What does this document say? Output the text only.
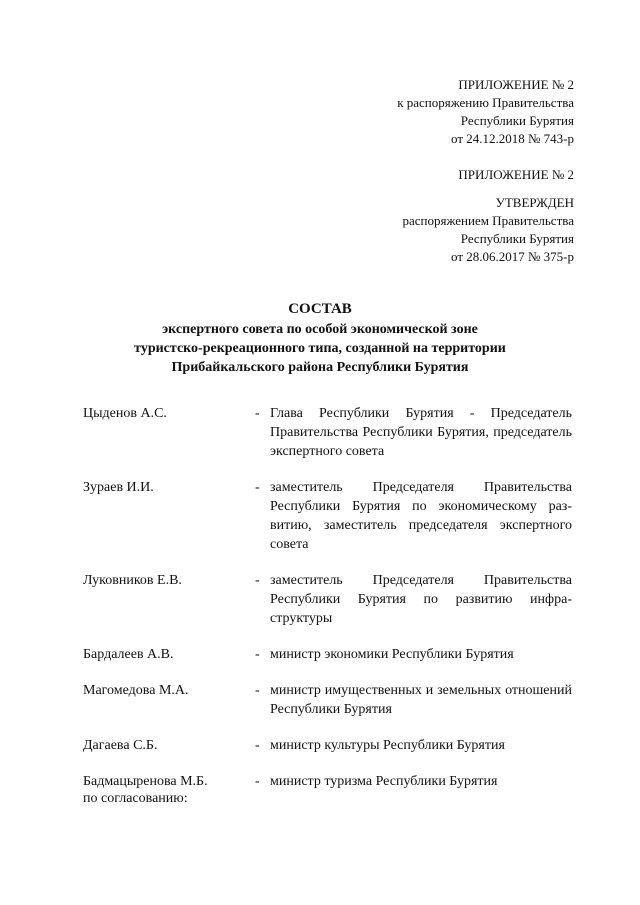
ПРИЛОЖЕНИЕ № 2
к распоряжению Правительства
Республики Бурятия
от 24.12.2018 № 743-р
ПРИЛОЖЕНИЕ № 2
УТВЕРЖДЕН
распоряжением Правительства
Республики Бурятия
от 28.06.2017 № 375-р
СОСТАВ
экспертного совета по особой экономической зоне
туристско-рекреационного типа, созданной на территории
Прибайкальского района Республики Бурятия
Цыденов А.С.	- Глава Республики Бурятия - Председатель Правительства Республики Бурятия, председатель экспертного совета
Зураев И.И.	- заместитель Председателя Правительства Республики Бурятия по экономическому развитию, заместитель председателя экспертного совета
Луковников Е.В.	- заместитель Председателя Правительства Республики Бурятия по развитию инфраструктуры
Бардалеев А.В.	- министр экономики Республики Бурятия
Магомедова М.А.	- министр имущественных и земельных отношений Республики Бурятия
Дагаева С.Б.	- министр культуры Республики Бурятия
Бадмацыренова М.Б.	- министр туризма Республики Бурятия
по согласованию:
